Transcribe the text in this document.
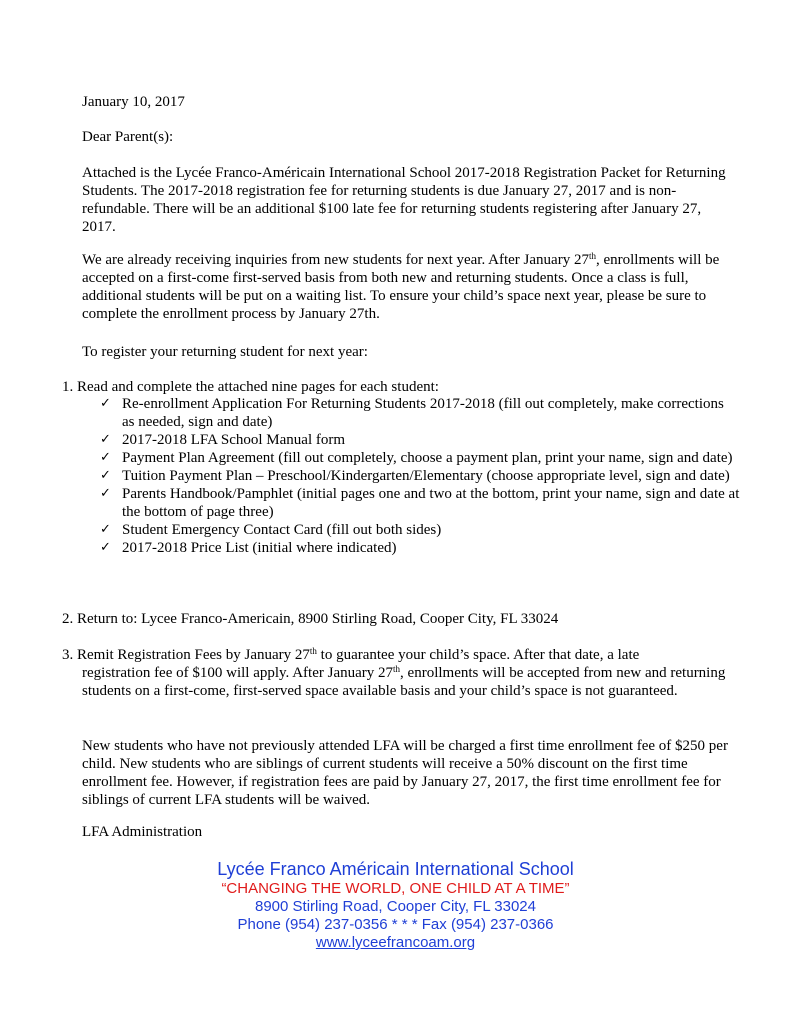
January 10, 2017

Dear Parent(s):

Attached is the Lycée Franco-Américain International School 2017-2018 Registration Packet for Returning Students. The 2017-2018 registration fee for returning students is due January 27, 2017 and is non-refundable. There will be an additional $100 late fee for returning students registering after January 27, 2017.

We are already receiving inquiries from new students for next year. After January 27th, enrollments will be accepted on a first-come first-served basis from both new and returning students. Once a class is full, additional students will be put on a waiting list. To ensure your child’s space next year, please be sure to complete the enrollment process by January 27th.

To register your returning student for next year:

1. Read and complete the attached nine pages for each student:
✓ Re-enrollment Application For Returning Students 2017-2018 (fill out completely, make corrections as needed, sign and date)
✓ 2017-2018 LFA School Manual form
✓ Payment Plan Agreement (fill out completely, choose a payment plan, print your name, sign and date)
✓ Tuition Payment Plan – Preschool/Kindergarten/Elementary (choose appropriate level, sign and date)
✓ Parents Handbook/Pamphlet (initial pages one and two at the bottom, print your name, sign and date at the bottom of page three)
✓ Student Emergency Contact Card (fill out both sides)
✓ 2017-2018 Price List (initial where indicated)
2. Return to: Lycee Franco-Americain, 8900 Stirling Road, Cooper City, FL 33024
3. Remit Registration Fees by January 27th to guarantee your child’s space. After that date, a late
registration fee of $100 will apply. After January 27th, enrollments will be accepted from new and returning students on a first-come, first-served space available basis and your child’s space is not guaranteed.

New students who have not previously attended LFA will be charged a first time enrollment fee of $250 per child. New students who are siblings of current students will receive a 50% discount on the first time enrollment fee. However, if registration fees are paid by January 27, 2017, the first time enrollment fee for siblings of current LFA students will be waived.

LFA Administration

Lycée Franco Américain International School
“CHANGING THE WORLD, ONE CHILD AT A TIME”
8900 Stirling Road, Cooper City, FL 33024
Phone (954) 237-0356 * * * Fax (954) 237-0366
www.lyceefrancoam.org
